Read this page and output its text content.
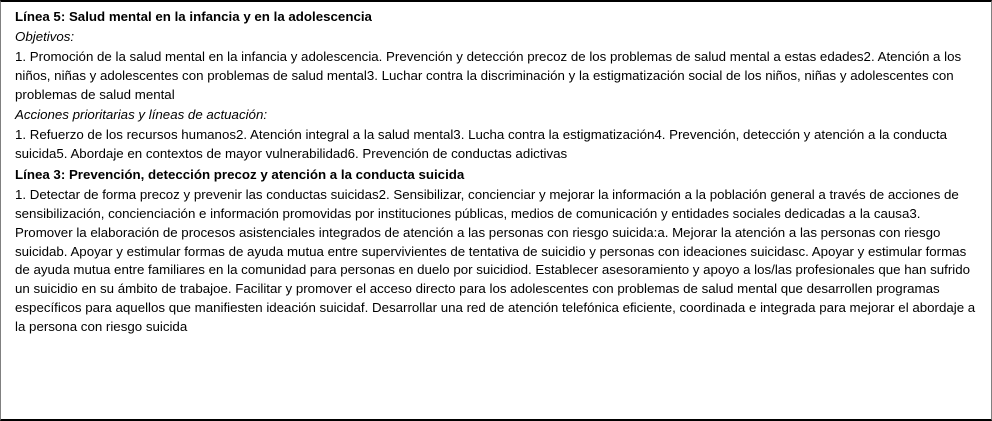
Línea 5: Salud mental en la infancia y en la adolescencia

Objetivos:

1. Promoción de la salud mental en la infancia y adolescencia. Prevención y detección precoz de los problemas de salud mental a estas edades2. Atención a los niños, niñas y adolescentes con problemas de salud mental3. Luchar contra la discriminación y la estigmatización social de los niños, niñas y adolescentes con problemas de salud mental

Acciones prioritarias y líneas de actuación:

1. Refuerzo de los recursos humanos2. Atención integral a la salud mental3. Lucha contra la estigmatización4. Prevención, detección y atención a la conducta suicida5. Abordaje en contextos de mayor vulnerabilidad6. Prevención de conductas adictivas

Línea 3: Prevención, detección precoz y atención a la conducta suicida

1. Detectar de forma precoz y prevenir las conductas suicidas2. Sensibilizar, concienciar y mejorar la información a la población general a través de acciones de sensibilización, concienciación e información promovidas por instituciones públicas, medios de comunicación y entidades sociales dedicadas a la causa3. Promover la elaboración de procesos asistenciales integrados de atención a las personas con riesgo suicida:a. Mejorar la atención a las personas con riesgo suicidab. Apoyar y estimular formas de ayuda mutua entre supervivientes de tentativa de suicidio y personas con ideaciones suicidasc. Apoyar y estimular formas de ayuda mutua entre familiares en la comunidad para personas en duelo por suicidiod. Establecer asesoramiento y apoyo a los/las profesionales que han sufrido un suicidio en su ámbito de trabajoe. Facilitar y promover el acceso directo para los adolescentes con problemas de salud mental que desarrollen programas específicos para aquellos que manifiesten ideación suicidaf. Desarrollar una red de atención telefónica eficiente, coordinada e integrada para mejorar el abordaje a la persona con riesgo suicida
